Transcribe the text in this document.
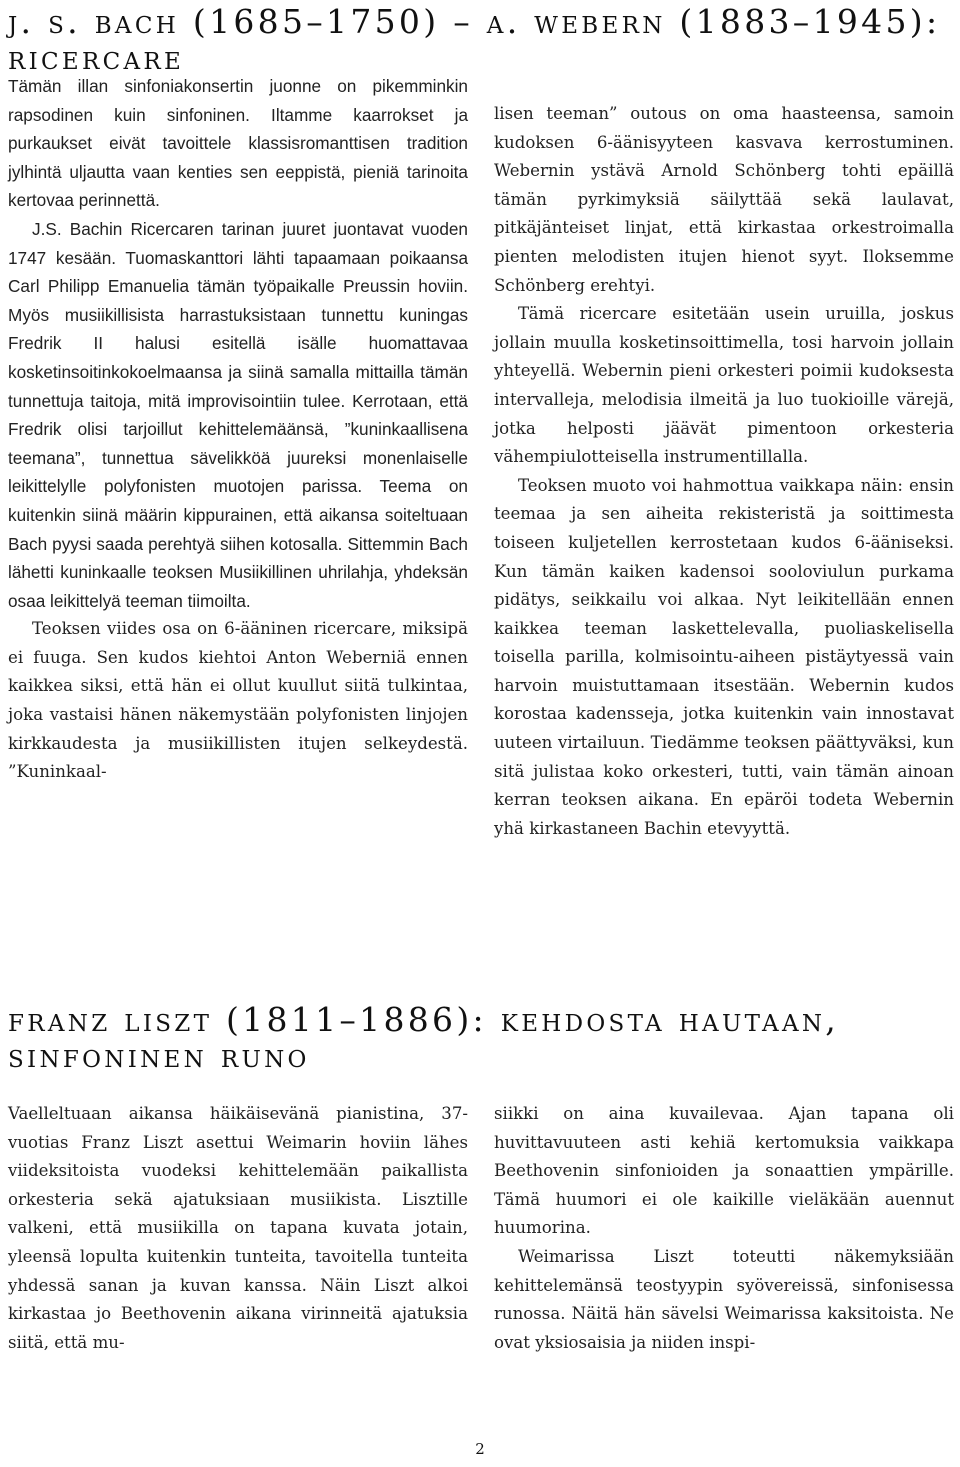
j. s. bach (1685–1750) – a. webern (1883–1945): ricercare

Tämän illan sinfoniakonsertin juonne on pikemminkin rapsodinen kuin sinfoninen. Iltamme kaarrokset ja purkaukset eivät tavoittele klassisromanttisen tradition jylhintä uljautta vaan kenties sen eeppistä, pieniä tarinoita kertovaa perinnettä.

J.S. Bachin Ricercaren tarinan juuret juontavat vuoden 1747 kesään. Tuomaskanttori lähti tapaamaan poikaansa Carl Philipp Emanuelia tämän työpaikalle Preussin hoviin. Myös musiikillisista harrastuksistaan tunnettu kuningas Fredrik II halusi esitellä isälle huomattavaa kosketinsoitinkokoelmaansa ja siinä samalla mittailla tämän tunnettuja taitoja, mitä improvisointiin tulee. Kerrotaan, että Fredrik olisi tarjoillut kehittelemäänsä, ”kuninkaallisena teemana”, tunnettua sävelikköä juureksi monenlaiselle leikittelylle polyfonisten muotojen parissa. Teema on kuitenkin siinä määrin kippurainen, että aikansa soiteltuaan Bach pyysi saada perehtyä siihen kotosalla. Sittemmin Bach lähetti kuninkaalle teoksen Musiikillinen uhrilahja, yhdeksän osaa leikittelyä teeman tiimoilta.

Teoksen viides osa on 6-ääninen ricercare, miksipä ei fuuga. Sen kudos kiehtoi Anton Weberniä ennen kaikkea siksi, että hän ei ollut kuullut siitä tulkintaa, joka vastaisi hänen näkemystään polyfonisten linjojen kirkkaudesta ja musiikillisten itujen selkeydestä. ”Kuninkaal-

lisen teeman” outous on oma haasteensa, samoin kudoksen 6-äänisyyteen kasvava kerrostuminen. Webernin ystävä Arnold Schönberg tohti epäillä tämän pyrkimyksiä säilyttää sekä laulavat, pitkäjänteiset linjat, että kirkastaa orkestroimalla pienten melodisten itujen hienot syyt. Iloksemme Schönberg erehtyi.

Tämä ricercare esitetään usein uruilla, joskus jollain muulla kosketinsoittimella, tosi harvoin jollain yhteyellä. Webernin pieni orkesteri poimii kudoksesta intervalleja, melodisia ilmeitä ja luo tuokioille värejä, jotka helposti jäävät pimentoon orkesteria vähempiulotteisella instrumentillalla.

Teoksen muoto voi hahmottua vaikkapa näin: ensin teemaa ja sen aiheita rekisteristä ja soittimesta toiseen kuljetellen kerrostetaan kudos 6-ääniseksi. Kun tämän kaiken kadensoi sooloviulun purkama pidätys, seikkailu voi alkaa. Nyt leikitellään ennen kaikkea teeman laskettelevalla, puoliaskelisella toisella parilla, kolmisointu-aiheen pistäytyessä vain harvoin muistuttamaan itsestään. Webernin kudos korostaa kadensseja, jotka kuitenkin vain innostavat uuteen virtailuun. Tiedämme teoksen päättyväksi, kun sitä julistaa koko orkesteri, tutti, vain tämän ainoan kerran teoksen aikana. En epäröi todeta Webernin yhä kirkastaneen Bachin etevyyttä.

franz liszt (1811–1886): kehdosta hautaan, sinfoninen runo

Vaelleltuaan aikansa häikäisevänä pianistina, 37-vuotias Franz Liszt asettui Weimarin hoviin lähes viideksitoista vuodeksi kehittelemään paikallista orkesteria sekä ajatuksiaan musiikista. Lisztille valkeni, että musiikilla on tapana kuvata jotain, yleensä lopulta kuitenkin tunteita, tavoitella tunteita yhdessä sanan ja kuvan kanssa. Näin Liszt alkoi kirkastaa jo Beethovenin aikana virinneitä ajatuksia siitä, että mu-

siikki on aina kuvailevaa. Ajan tapana oli huvittavuuteen asti kehiä kertomuksia vaikkapa Beethovenin sinfonioiden ja sonaattien ympärille. Tämä huumori ei ole kaikille vieläkään auennut huumorina.

Weimarissa Liszt toteutti näkemyksiään kehittelemänsä teostyypin syövereissä, sinfonisessa runossa. Näitä hän sävelsi Weimarissa kaksitoista. Ne ovat yksiosaisia ja niiden inspi-

2
